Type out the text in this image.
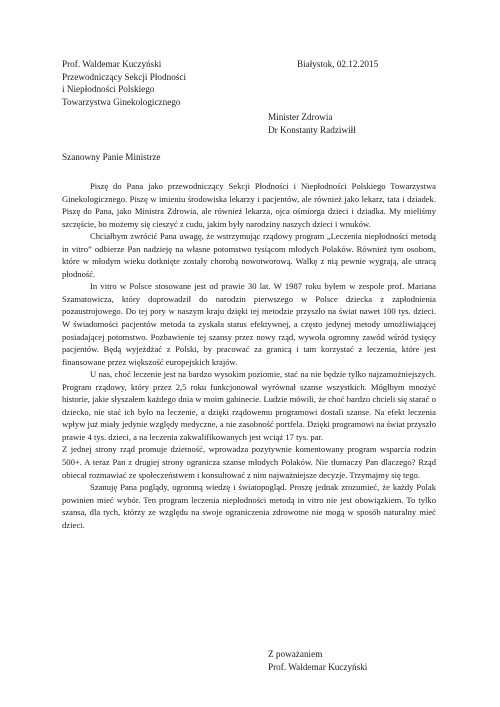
Prof. Waldemar Kuczyński
Przewodniczący Sekcji Płodności
i Niepłodności Polskiego
Towarzystwa Ginekologicznego
Białystok, 02.12.2015
Minister Zdrowia
Dr Konstanty Radziwiłł
Szanowny Panie Ministrze

Piszę do Pana jako przewodniczący Sekcji Płodności i Niepłodności Polskiego Towarzystwa Ginekologicznego. Piszę w imieniu środowiska lekarzy i pacjentów, ale również jako lekarz, tata i dziadek. Piszę do Pana, jako Ministra Zdrowia, ale również lekarza, ojca ośmiorga dzieci i dziadka. My mieliśmy szczęście, bo możemy się cieszyć z cudu, jakim były narodziny naszych dzieci i wnuków.

Chciałbym zwrócić Pana uwagę, że wstrzymując rządowy program „Leczenia niepłodności metodą in vitro” odbierze Pan nadzieję na własne potomstwo tysiącom młodych Polaków. Również tym osobom, które w młodym wieku dotknięte zostały chorobą nowotworową. Walkę z nią pewnie wygrają, ale utracą płodność.

In vitro w Polsce stosowane jest od prawie 30 lat. W 1987 roku byłem w zespole prof. Mariana Szamatowicza, który doprowadził do narodzin pierwszego w Polsce dziecka z zapłodnienia pozaustrojowego. Do tej pory w naszym kraju dzięki tej metodzie przyszło na świat nawet 100 tys. dzieci. W świadomości pacjentów metoda ta zyskała status efektywnej, a często jedynej metody umożliwiającej posiadającej potomstwo. Pozbawienie tej szansy przez nowy rząd, wywoła ogromny zawód wśród tysięcy pacjentów. Będą wyjeżdżać z Polski, by pracować za granicą i tam korzystać z leczenia, które jest finansowane przez większość europejskich krajów.

U nas, choć leczenie jest na bardzo wysokim poziomie, stać na nie będzie tylko najzamożniejszych. Program rządowy, który przez 2,5 roku funkcjonował wyrównał szanse wszystkich. Mógłbym mnożyć historie, jakie słyszałem każdego dnia w moim gabinecie. Ludzie mówili, że choć bardzo chcieli się starać o dziecko, nie stać ich było na leczenie, a dzięki rządowemu programowi dostali szanse. Na efekt leczenia wpływ już miały jedynie względy medyczne, a nie zasobność portfela. Dzięki programowi na świat przyszło prawie 4 tys. dzieci, a na leczenia zakwalifikowanych jest wciąż 17 tys. par.

Z jednej strony rząd promuje dzietność, wprowadza pozytywnie komentowany program wsparcia rodzin 500+. A teraz Pan z drugiej strony ogranicza szanse młodych Polaków. Nie tłumaczy Pan dlaczego? Rząd obiecał rozmawiać ze społeczeństwem i konsultować z nim najważniejsze decyzje. Trzymajmy się tego.

Szanuję Pana poglądy, ogromną wiedzę i światopogląd. Proszę jednak zrozumieć, że każdy Polak powinien mieć wybór. Ten program leczenia niepłodności metodą in vitro nie jest obowiązkiem. To tylko szansa, dla tych, którzy ze względu na swoje ograniczenia zdrowotne nie mogą w sposób naturalny mieć dzieci.

Z poważaniem
Prof. Waldemar Kuczyński
